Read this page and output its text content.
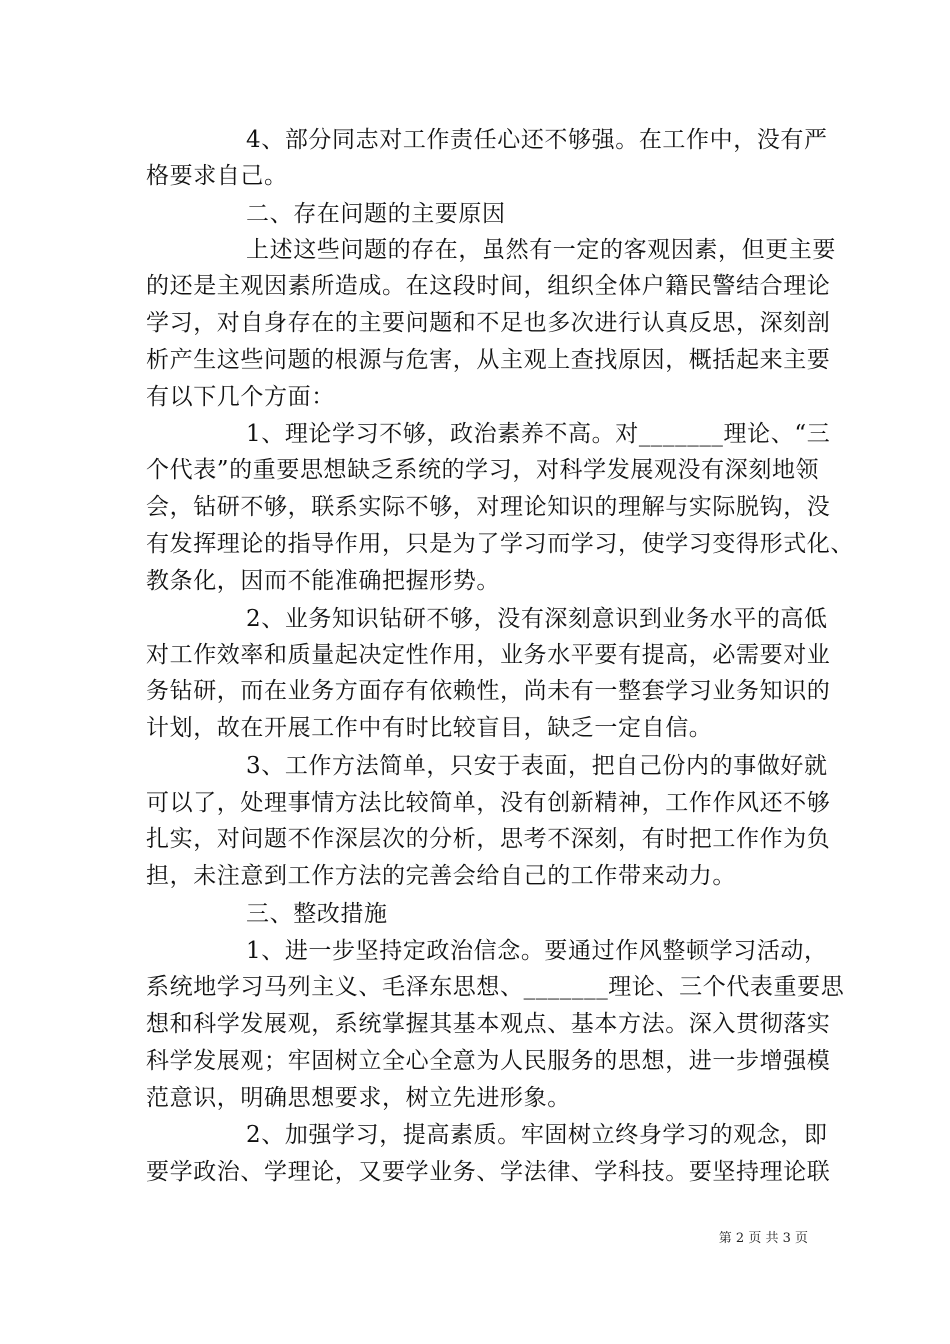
4、部分同志对工作责任心还不够强。在工作中，没有严
格要求自己。
二、存在问题的主要原因
上述这些问题的存在，虽然有一定的客观因素，但更主要
的还是主观因素所造成。在这段时间，组织全体户籍民警结合理论
学习，对自身存在的主要问题和不足也多次进行认真反思，深刻剖
析产生这些问题的根源与危害，从主观上查找原因，概括起来主要
有以下几个方面：
1、理论学习不够，政治素养不高。对_______理论、“三
个代表”的重要思想缺乏系统的学习，对科学发展观没有深刻地领
会，钻研不够，联系实际不够，对理论知识的理解与实际脱钩，没
有发挥理论的指导作用，只是为了学习而学习，使学习变得形式化、
教条化，因而不能准确把握形势。
2、业务知识钻研不够，没有深刻意识到业务水平的高低
对工作效率和质量起决定性作用，业务水平要有提高，必需要对业
务钻研，而在业务方面存有依赖性，尚未有一整套学习业务知识的
计划，故在开展工作中有时比较盲目，缺乏一定自信。
3、工作方法简单，只安于表面，把自己份内的事做好就
可以了，处理事情方法比较简单，没有创新精神，工作作风还不够
扎实，对问题不作深层次的分析，思考不深刻，有时把工作作为负
担，未注意到工作方法的完善会给自己的工作带来动力。
三、整改措施
1、进一步坚持定政治信念。要通过作风整顿学习活动，
系统地学习马列主义、毛泽东思想、_______理论、三个代表重要思
想和科学发展观，系统掌握其基本观点、基本方法。深入贯彻落实
科学发展观；牢固树立全心全意为人民服务的思想，进一步增强模
范意识，明确思想要求，树立先进形象。
2、加强学习，提高素质。牢固树立终身学习的观念，即
要学政治、学理论，又要学业务、学法律、学科技。要坚持理论联
第 2 页 共 3 页
